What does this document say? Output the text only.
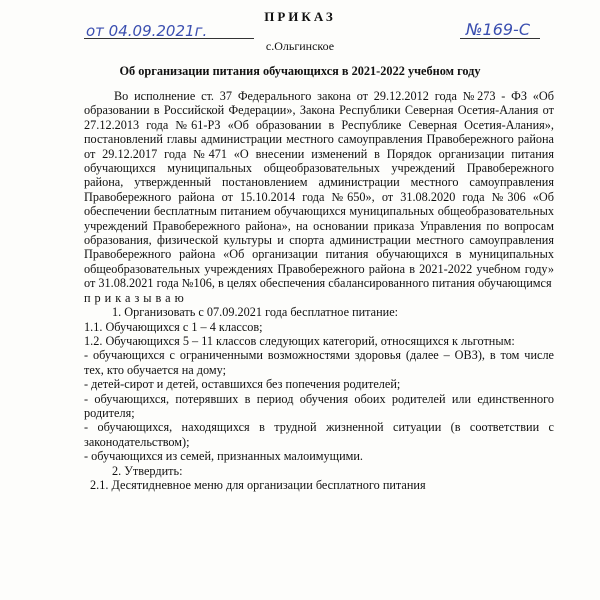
ПРИКАЗ
от 04.09.2021г.	№169-С
с.Ольгинское
Об организации питания обучающихся в 2021-2022 учебном году

Во исполнение ст. 37 Федерального закона от 29.12.2012 года №273 - ФЗ «Об образовании в Российской Федерации», Закона Республики Северная Осетия-Алания от 27.12.2013 года №61-РЗ «Об образовании в Республике Северная Осетия-Алания», постановлений главы администрации местного самоуправления Правобережного района от 29.12.2017 года №471 «О внесении изменений в Порядок организации питания обучающихся муниципальных общеобразовательных учреждений Правобережного района, утвержденный постановлением администрации местного самоуправления Правобережного района от 15.10.2014 года №650», от 31.08.2020 года №306 «Об обеспечении бесплатным питанием обучающихся муниципальных общеобразовательных учреждений Правобережного района», на основании приказа Управления по вопросам образования, физической культуры и спорта администрации местного самоуправления Правобережного района «Об организации питания обучающихся в муниципальных общеобразовательных учреждениях Правобережного района в 2021-2022 учебном году» от 31.08.2021 года №106, в целях обеспечения сбалансированного питания обучающимся

приказываю

1. Организовать с 07.09.2021 года бесплатное питание:

1.1. Обучающихся с 1 – 4 классов;

1.2. Обучающихся 5 – 11 классов следующих категорий, относящихся к льготным:

- обучающихся с ограниченными возможностями здоровья (далее – ОВЗ), в том числе тех, кто обучается на дому;

- детей-сирот и детей, оставшихся без попечения родителей;

- обучающихся, потерявших в период обучения обоих родителей или единственного родителя;

- обучающихся, находящихся в трудной жизненной ситуации (в соответствии с законодательством);

- обучающихся из семей, признанных малоимущими.

2. Утвердить:

2.1. Десятидневное меню для организации бесплатного питания
